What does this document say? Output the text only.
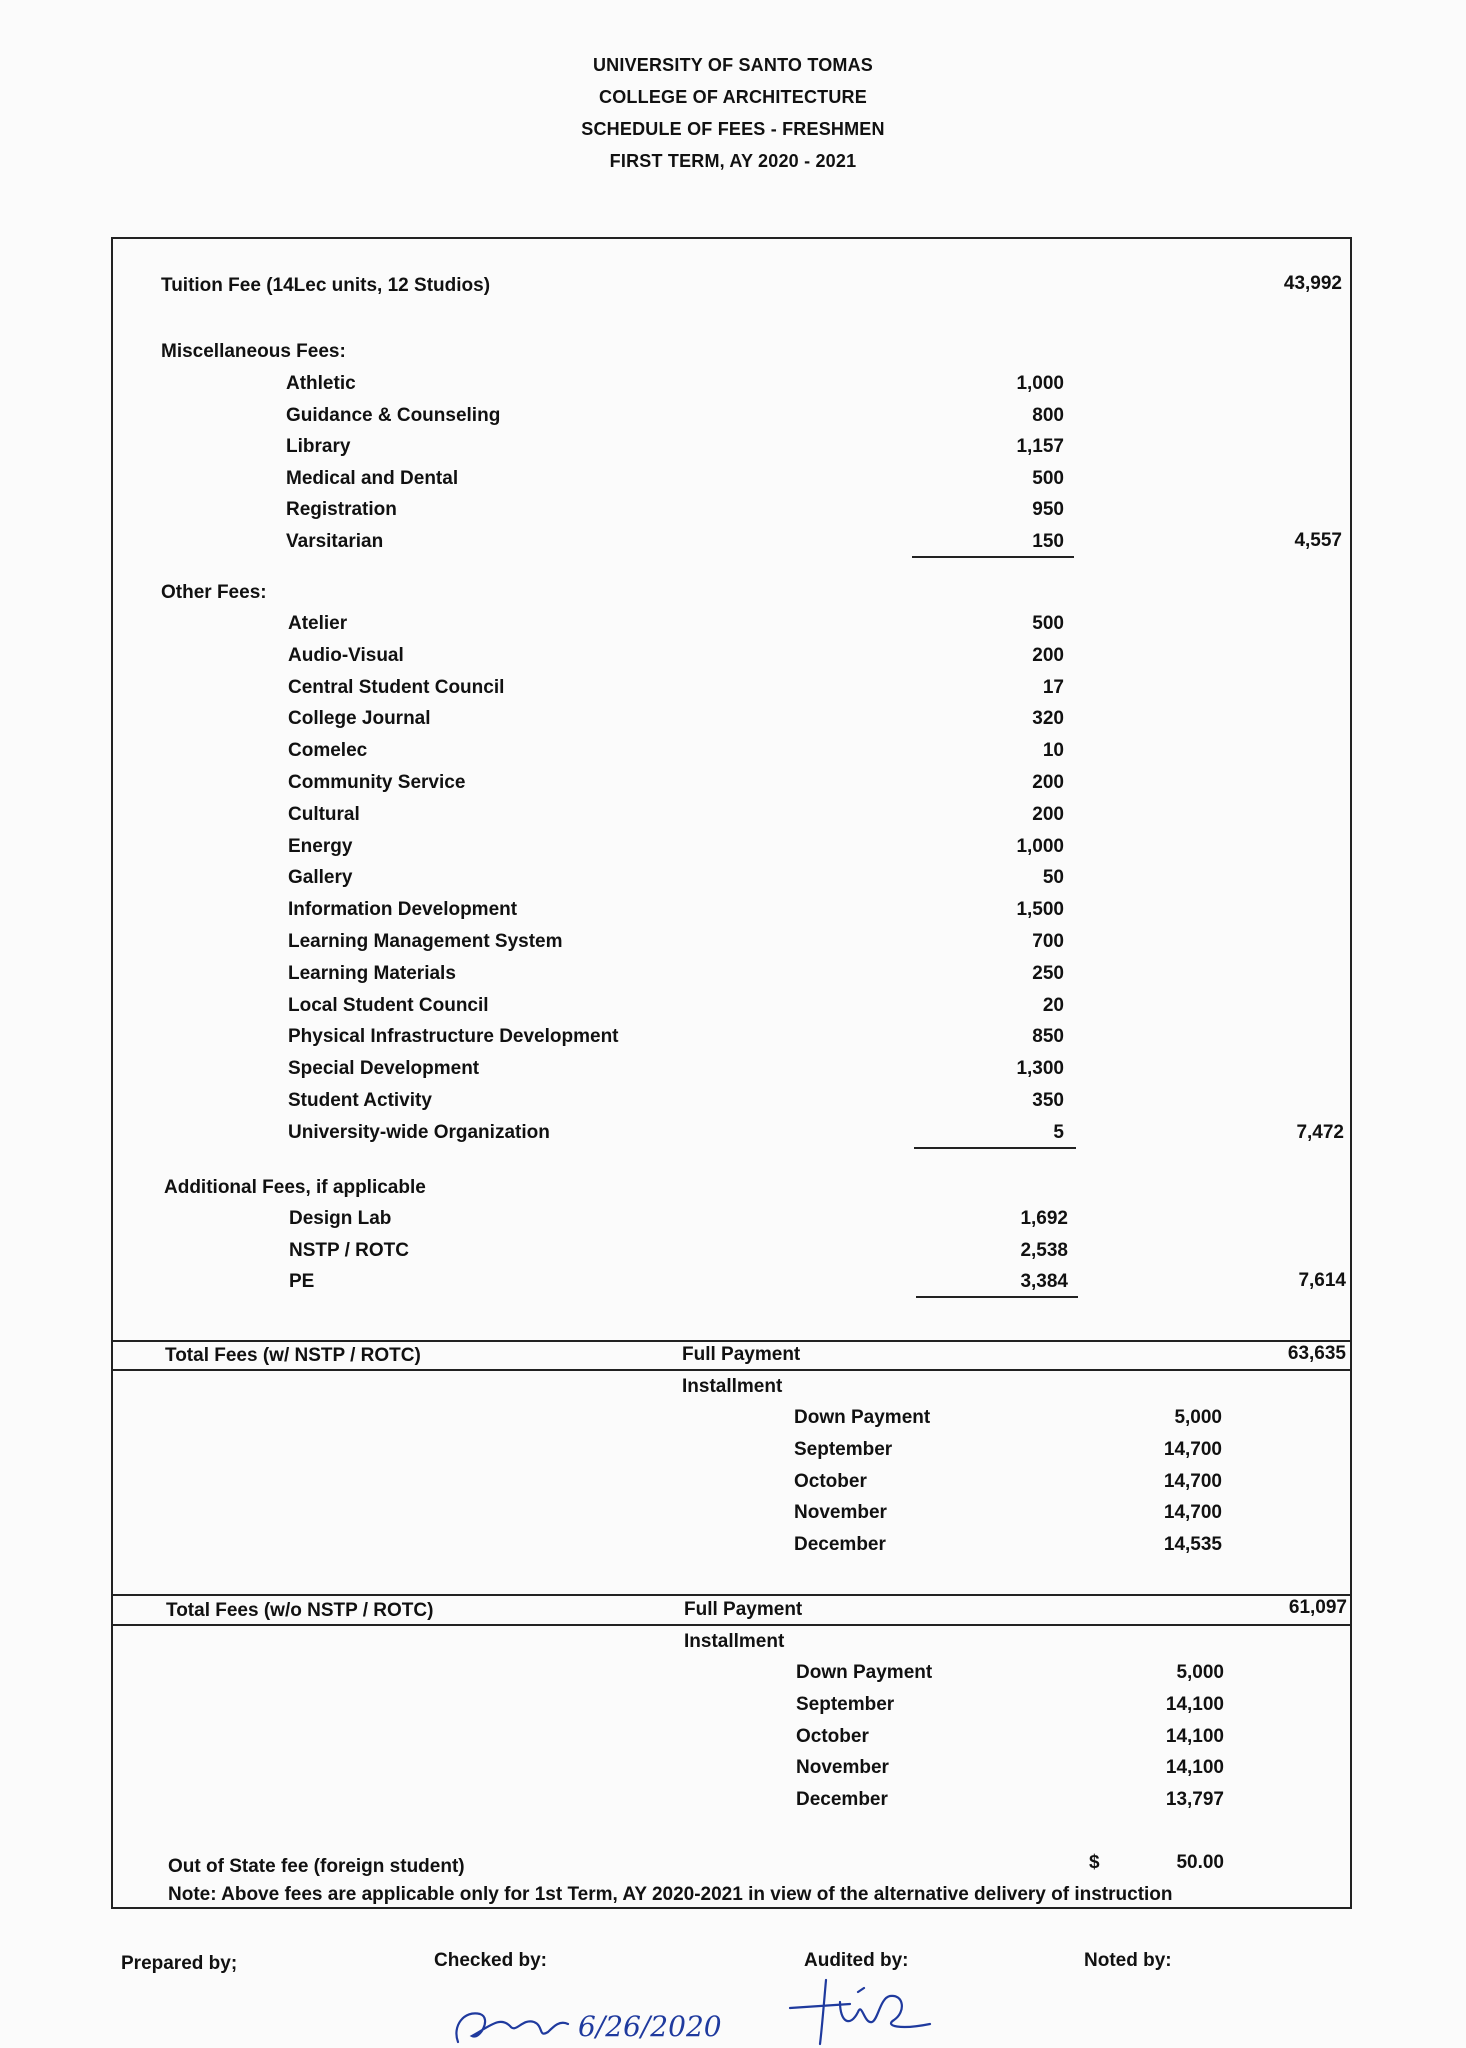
UNIVERSITY OF SANTO TOMAS
COLLEGE OF ARCHITECTURE
SCHEDULE OF FEES - FRESHMEN
FIRST TERM, AY 2020 - 2021
Tuition Fee (14Lec units, 12 Studios)	43,992
Miscellaneous Fees:
Athletic	1,000
Guidance & Counseling	800
Library	1,157
Medical and Dental	500
Registration	950
Varsitarian	150	4,557
Other Fees:
Atelier	500
Audio-Visual	200
Central Student Council	17
College Journal	320
Comelec	10
Community Service	200
Cultural	200
Energy	1,000
Gallery	50
Information Development	1,500
Learning Management System	700
Learning Materials	250
Local Student Council	20
Physical Infrastructure Development	850
Special Development	1,300
Student Activity	350
University-wide Organization	5	7,472
Additional Fees, if applicable
Design Lab	1,692
NSTP / ROTC	2,538
PE	3,384	7,614
Total Fees (w/ NSTP / ROTC)	Full Payment	63,635
Installment
Down Payment	5,000
September	14,700
October	14,700
November	14,700
December	14,535
Total Fees (w/o NSTP / ROTC)	Full Payment	61,097
Installment
Down Payment	5,000
September	14,100
October	14,100
November	14,100
December	13,797
Out of State fee (foreign student)	$	50.00
Note: Above fees are applicable only for 1st Term, AY 2020-2021 in view of the alternative delivery of instruction
Prepared by;	Checked by:	Audited by:	Noted by:
6/26/2020
